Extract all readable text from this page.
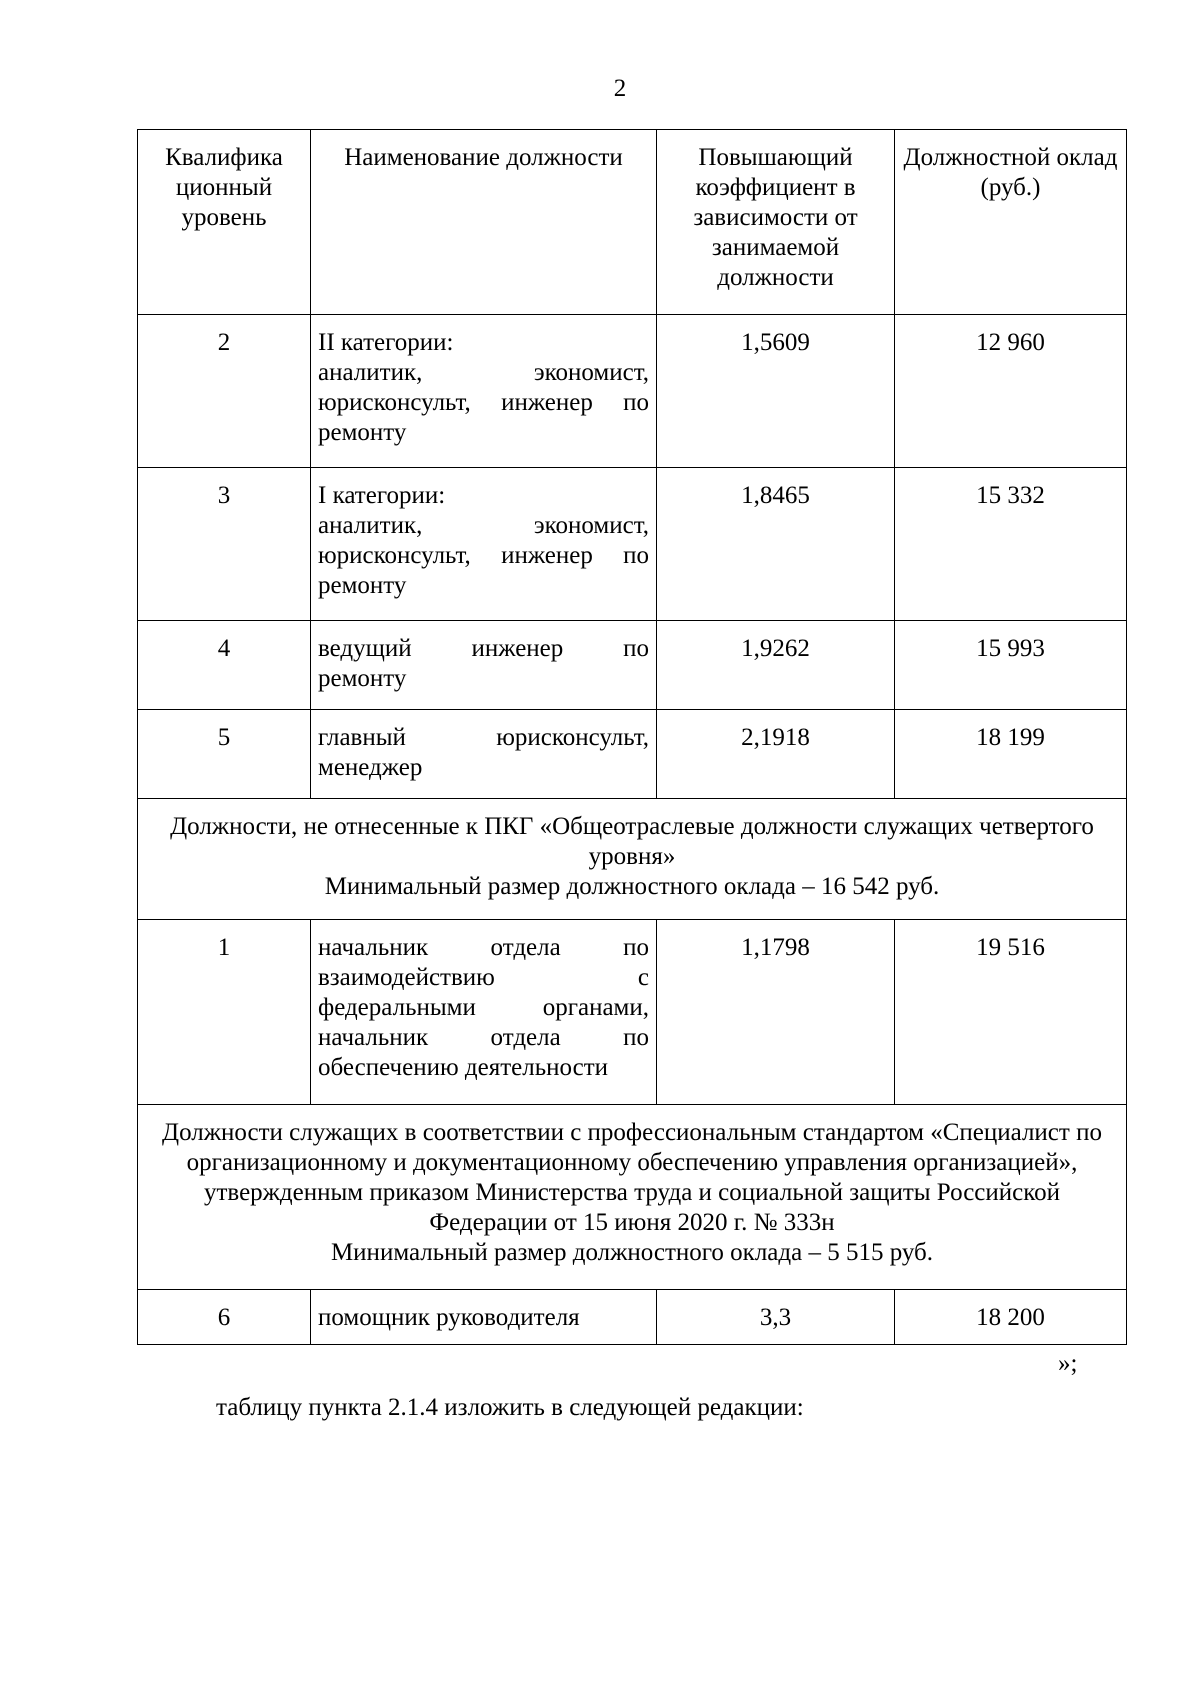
2
Квалифика ционный уровень	Наименование должности	Повышающий коэффициент в зависимости от занимаемой должности	Должностной оклад (руб.)
2	II категории:
аналитик, экономист,
юрисконсульт, инженер по
ремонту	1,5609	12 960
3	I категории:
аналитик, экономист,
юрисконсульт, инженер по
ремонту	1,8465	15 332
4	ведущий инженер по
ремонту	1,9262	15 993
5	главный юрисконсульт,
менеджер	2,1918	18 199
Должности, не отнесенные к ПКГ «Общеотраслевые должности служащих четвертого уровня»
Минимальный размер должностного оклада – 16 542 руб.			
1	начальник отдела по
взаимодействию с
федеральными органами,
начальник отдела по
обеспечению деятельности	1,1798	19 516
Должности служащих в соответствии с профессиональным стандартом «Специалист по организационному и документационному обеспечению управления организацией», утвержденным приказом Министерства труда и социальной защиты Российской Федерации от 15 июня 2020 г. № 333н
Минимальный размер должностного оклада – 5 515 руб.			
6	помощник руководителя	3,3	18 200
»;
таблицу пункта 2.1.4 изложить в следующей редакции:
